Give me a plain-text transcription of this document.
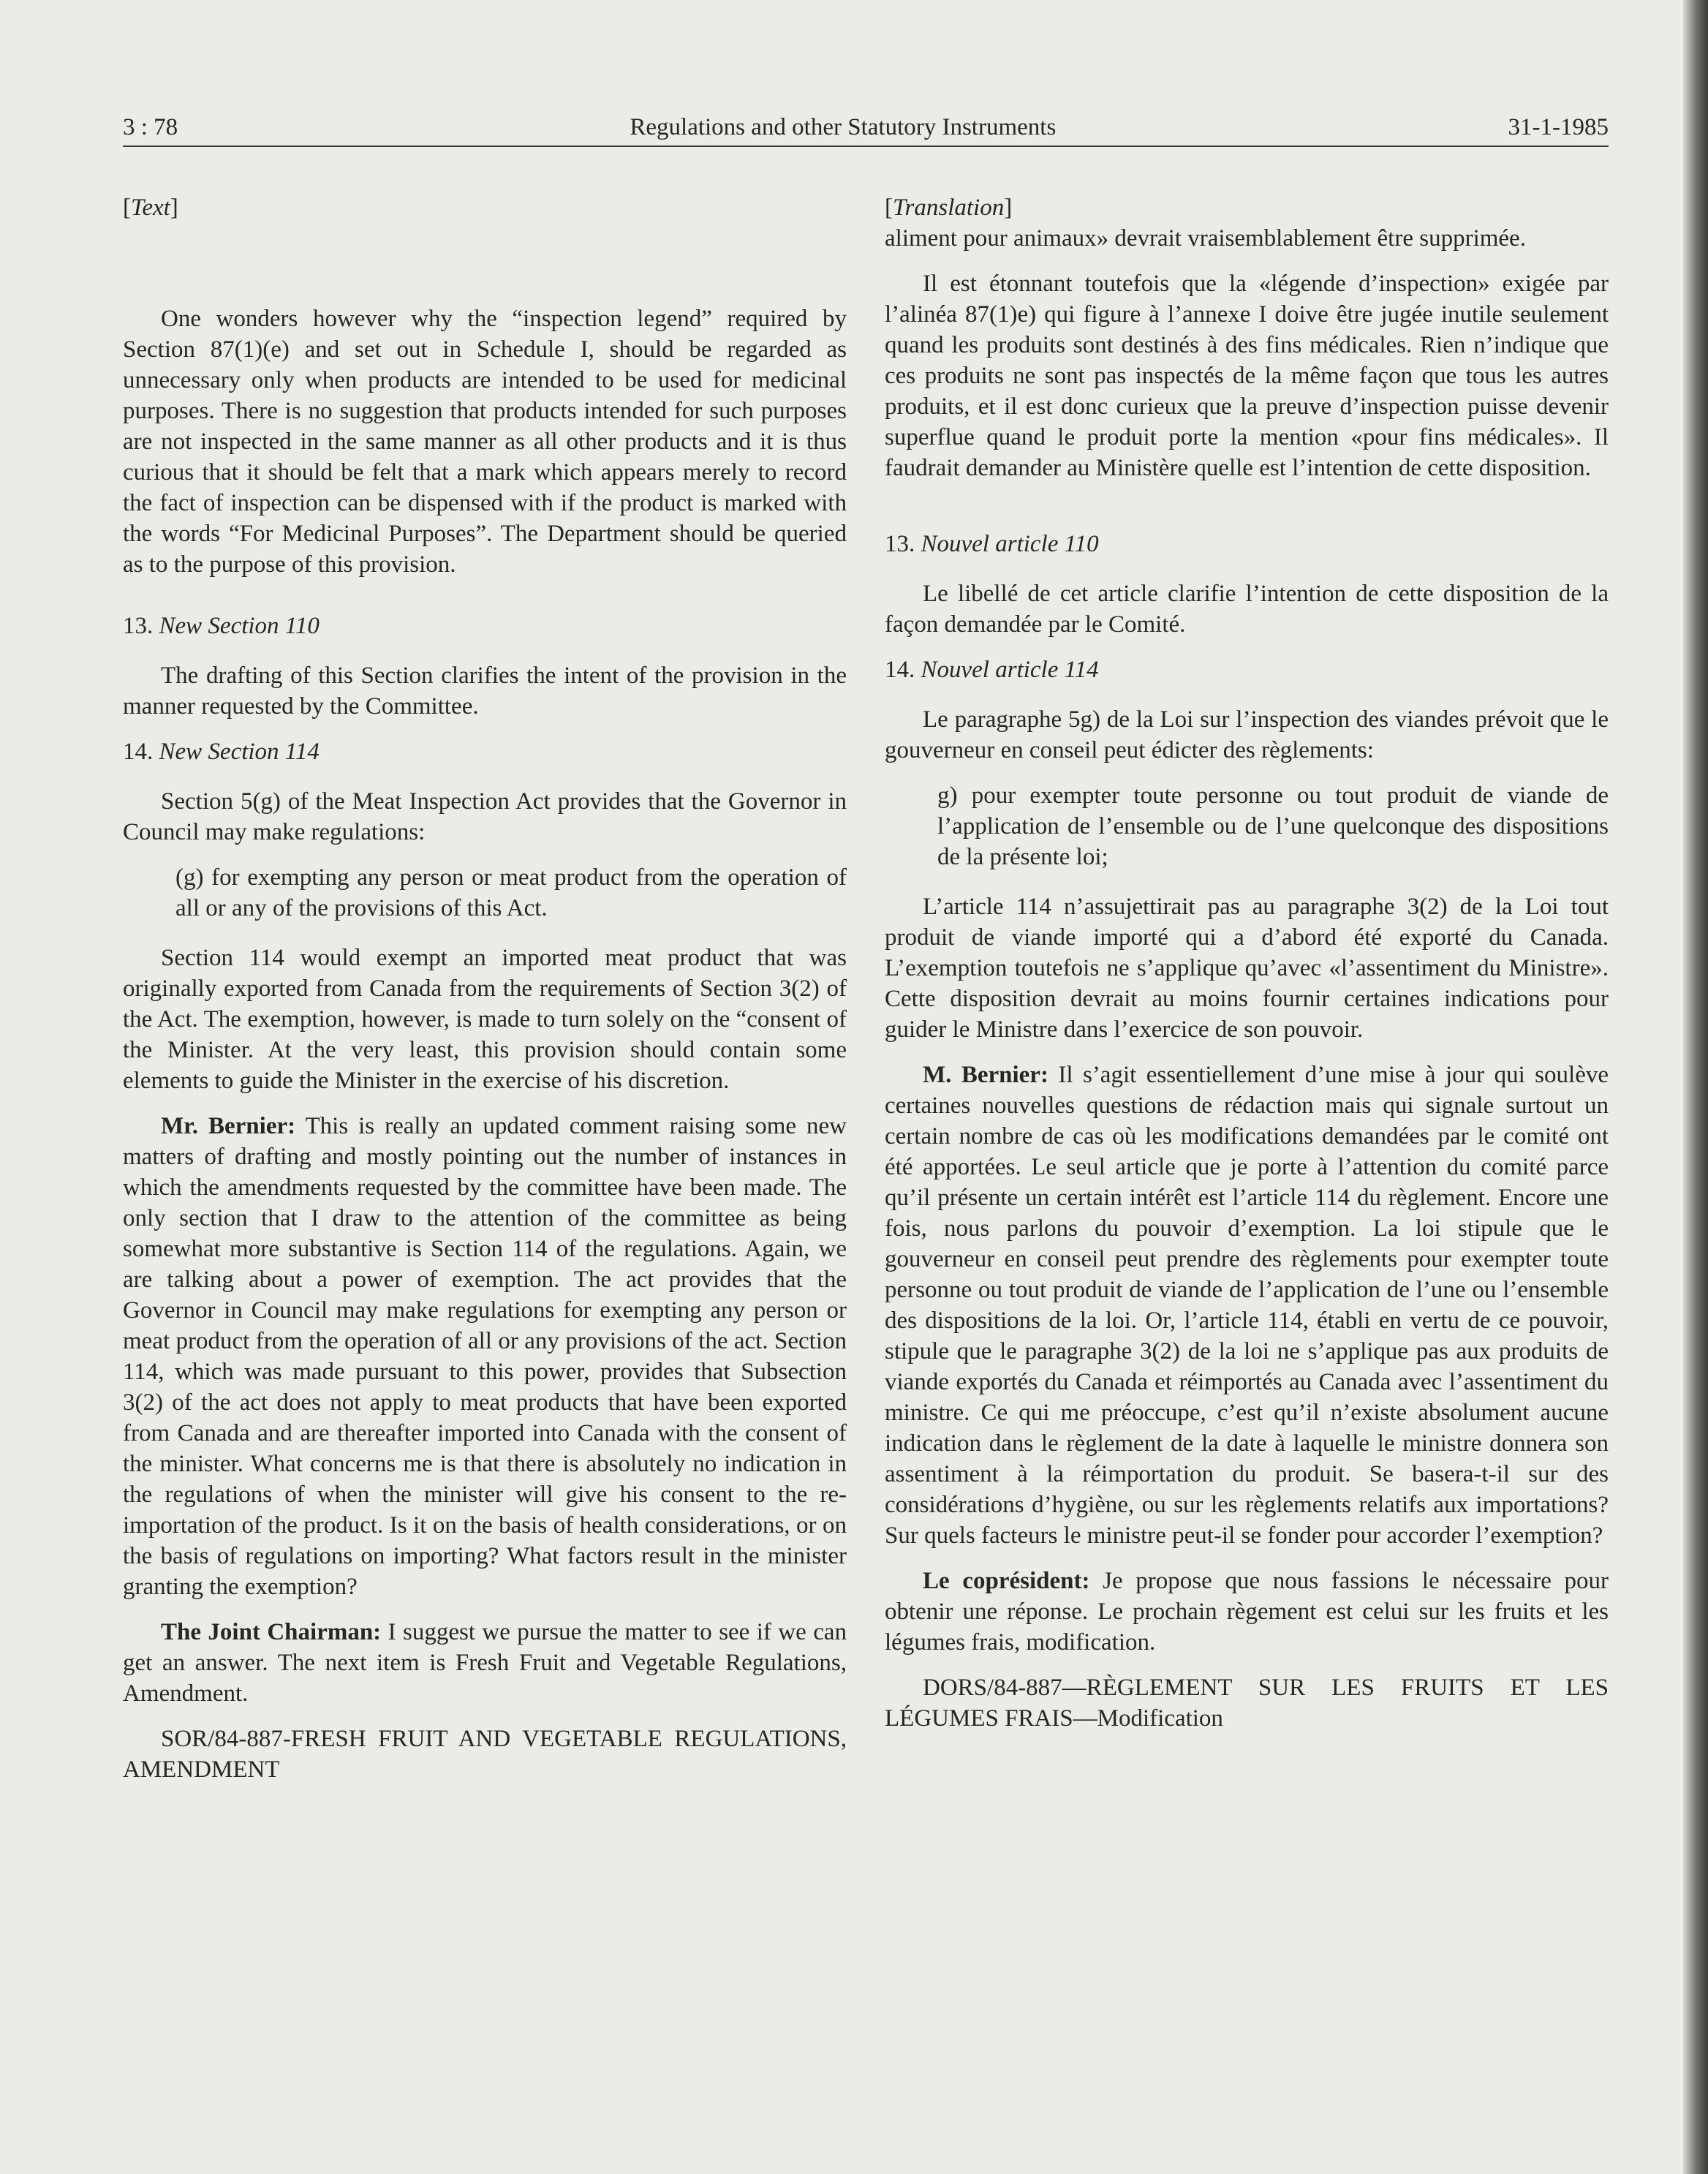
3 : 78	Regulations and other Statutory Instruments	31-1-1985

[Text]

One wonders however why the “inspection legend” required by Section 87(1)(e) and set out in Schedule I, should be regarded as unnecessary only when products are intended to be used for medicinal purposes. There is no suggestion that products intended for such purposes are not inspected in the same manner as all other products and it is thus curious that it should be felt that a mark which appears merely to record the fact of inspection can be dispensed with if the product is marked with the words “For Medicinal Purposes”. The Department should be queried as to the purpose of this provision.

13. New Section 110

The drafting of this Section clarifies the intent of the provision in the manner requested by the Committee.

14. New Section 114

Section 5(g) of the Meat Inspection Act provides that the Governor in Council may make regulations:

(g) for exempting any person or meat product from the operation of all or any of the provisions of this Act.

Section 114 would exempt an imported meat product that was originally exported from Canada from the requirements of Section 3(2) of the Act. The exemption, however, is made to turn solely on the “consent of the Minister. At the very least, this provision should contain some elements to guide the Minister in the exercise of his discretion.

Mr. Bernier: This is really an updated comment raising some new matters of drafting and mostly pointing out the number of instances in which the amendments requested by the committee have been made. The only section that I draw to the attention of the committee as being somewhat more substantive is Section 114 of the regulations. Again, we are talking about a power of exemption. The act provides that the Governor in Council may make regulations for exempting any person or meat product from the operation of all or any provisions of the act. Section 114, which was made pursuant to this power, provides that Subsection 3(2) of the act does not apply to meat products that have been exported from Canada and are thereafter imported into Canada with the consent of the minister. What concerns me is that there is absolutely no indication in the regulations of when the minister will give his consent to the re-importation of the product. Is it on the basis of health considerations, or on the basis of regulations on importing? What factors result in the minister granting the exemption?

The Joint Chairman: I suggest we pursue the matter to see if we can get an answer. The next item is Fresh Fruit and Vegetable Regulations, Amendment.

SOR/84-887-FRESH FRUIT AND VEGETABLE REGULATIONS, AMENDMENT

[Translation]

aliment pour animaux» devrait vraisemblablement être supprimée.

Il est étonnant toutefois que la «légende d’inspection» exigée par l’alinéa 87(1)e) qui figure à l’annexe I doive être jugée inutile seulement quand les produits sont destinés à des fins médicales. Rien n’indique que ces produits ne sont pas inspectés de la même façon que tous les autres produits, et il est donc curieux que la preuve d’inspection puisse devenir superflue quand le produit porte la mention «pour fins médicales». Il faudrait demander au Ministère quelle est l’intention de cette disposition.

13. Nouvel article 110

Le libellé de cet article clarifie l’intention de cette disposition de la façon demandée par le Comité.

14. Nouvel article 114

Le paragraphe 5g) de la Loi sur l’inspection des viandes prévoit que le gouverneur en conseil peut édicter des règlements:

g) pour exempter toute personne ou tout produit de viande de l’application de l’ensemble ou de l’une quelconque des dispositions de la présente loi;

L’article 114 n’assujettirait pas au paragraphe 3(2) de la Loi tout produit de viande importé qui a d’abord été exporté du Canada. L’exemption toutefois ne s’applique qu’avec «l’assentiment du Ministre». Cette disposition devrait au moins fournir certaines indications pour guider le Ministre dans l’exercice de son pouvoir.

M. Bernier: Il s’agit essentiellement d’une mise à jour qui soulève certaines nouvelles questions de rédaction mais qui signale surtout un certain nombre de cas où les modifications demandées par le comité ont été apportées. Le seul article que je porte à l’attention du comité parce qu’il présente un certain intérêt est l’article 114 du règlement. Encore une fois, nous parlons du pouvoir d’exemption. La loi stipule que le gouverneur en conseil peut prendre des règlements pour exempter toute personne ou tout produit de viande de l’application de l’une ou l’ensemble des dispositions de la loi. Or, l’article 114, établi en vertu de ce pouvoir, stipule que le paragraphe 3(2) de la loi ne s’applique pas aux produits de viande exportés du Canada et réimportés au Canada avec l’assentiment du ministre. Ce qui me préoccupe, c’est qu’il n’existe absolument aucune indication dans le règlement de la date à laquelle le ministre donnera son assentiment à la réimportation du produit. Se basera-t-il sur des considérations d’hygiène, ou sur les règlements relatifs aux importations? Sur quels facteurs le ministre peut-il se fonder pour accorder l’exemption?

Le coprésident: Je propose que nous fassions le nécessaire pour obtenir une réponse. Le prochain règement est celui sur les fruits et les légumes frais, modification.

DORS/84-887—RÈGLEMENT SUR LES FRUITS ET LES LÉGUMES FRAIS—Modification
